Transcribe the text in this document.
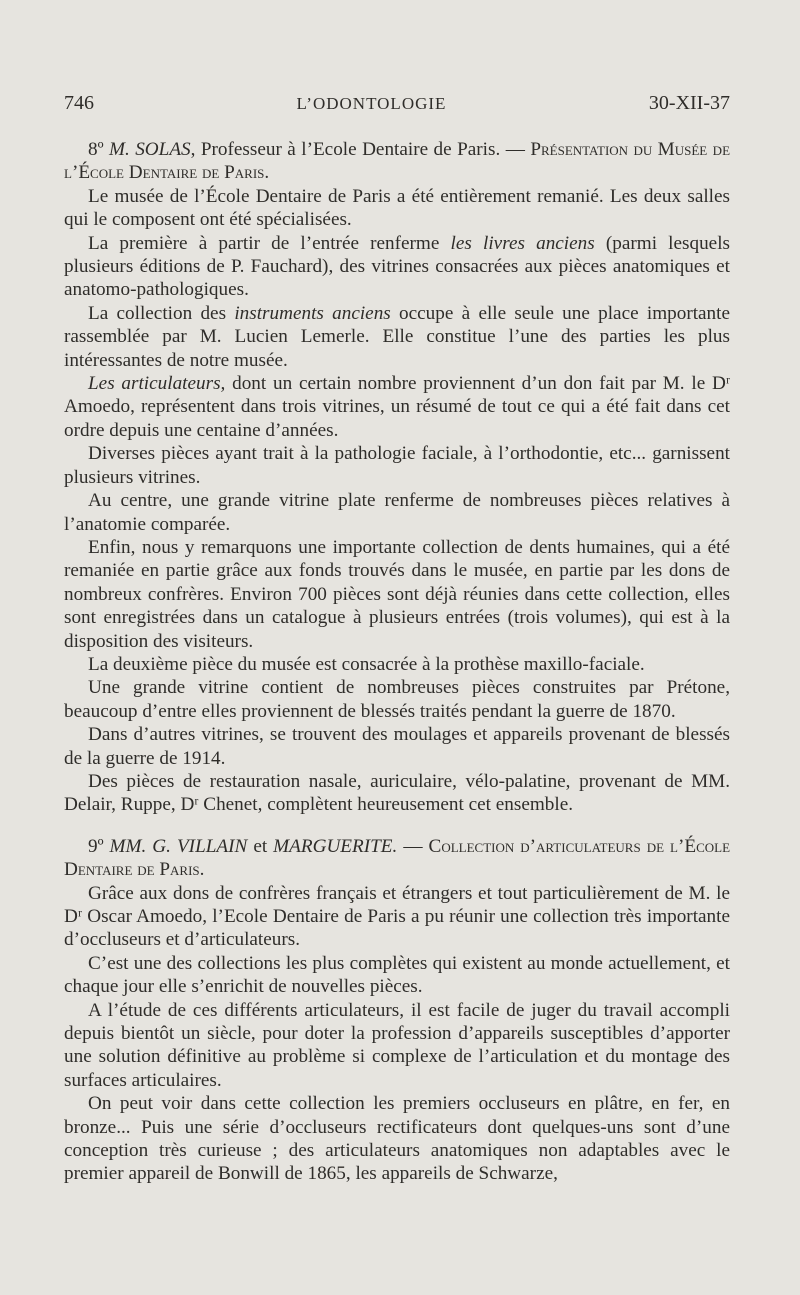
746	L’ODONTOLOGIE	30-XII-37

8º M. SOLAS, Professeur à l’Ecole Dentaire de Paris. — Présentation du Musée de l’École Dentaire de Paris.

Le musée de l’École Dentaire de Paris a été entièrement remanié. Les deux salles qui le composent ont été spécialisées.

La première à partir de l’entrée renferme les livres anciens (parmi lesquels plusieurs éditions de P. Fauchard), des vitrines consacrées aux pièces anatomiques et anatomo-pathologiques.

La collection des instruments anciens occupe à elle seule une place importante rassemblée par M. Lucien Lemerle. Elle constitue l’une des parties les plus intéressantes de notre musée.

Les articulateurs, dont un certain nombre proviennent d’un don fait par M. le Dʳ Amoedo, représentent dans trois vitrines, un résumé de tout ce qui a été fait dans cet ordre depuis une centaine d’années.

Diverses pièces ayant trait à la pathologie faciale, à l’orthodontie, etc... garnissent plusieurs vitrines.

Au centre, une grande vitrine plate renferme de nombreuses pièces relatives à l’anatomie comparée.

Enfin, nous y remarquons une importante collection de dents humaines, qui a été remaniée en partie grâce aux fonds trouvés dans le musée, en partie par les dons de nombreux confrères. Environ 700 pièces sont déjà réunies dans cette collection, elles sont enregistrées dans un catalogue à plusieurs entrées (trois volumes), qui est à la disposition des visiteurs.

La deuxième pièce du musée est consacrée à la prothèse maxillo-faciale.

Une grande vitrine contient de nombreuses pièces construites par Prétone, beaucoup d’entre elles proviennent de blessés traités pendant la guerre de 1870.

Dans d’autres vitrines, se trouvent des moulages et appareils provenant de blessés de la guerre de 1914.

Des pièces de restauration nasale, auriculaire, vélo-palatine, provenant de MM. Delair, Ruppe, Dʳ Chenet, complètent heureusement cet ensemble.

9º MM. G. VILLAIN et MARGUERITE. — Collection d’articulateurs de l’École Dentaire de Paris.

Grâce aux dons de confrères français et étrangers et tout particulièrement de M. le Dʳ Oscar Amoedo, l’Ecole Dentaire de Paris a pu réunir une collection très importante d’occluseurs et d’articulateurs.

C’est une des collections les plus complètes qui existent au monde actuellement, et chaque jour elle s’enrichit de nouvelles pièces.

A l’étude de ces différents articulateurs, il est facile de juger du travail accompli depuis bientôt un siècle, pour doter la profession d’appareils susceptibles d’apporter une solution définitive au problème si complexe de l’articulation et du montage des surfaces articulaires.

On peut voir dans cette collection les premiers occluseurs en plâtre, en fer, en bronze... Puis une série d’occluseurs rectificateurs dont quelques-uns sont d’une conception très curieuse ; des articulateurs anatomiques non adaptables avec le premier appareil de Bonwill de 1865, les appareils de Schwarze,
